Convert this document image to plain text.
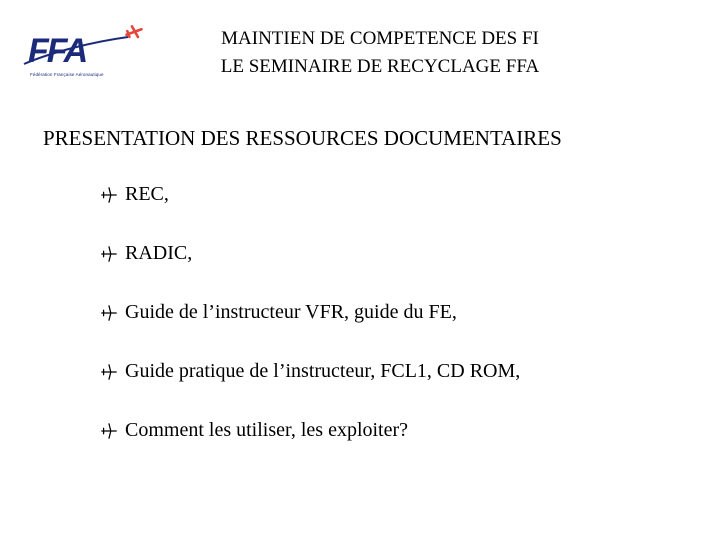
FFA
Fédération Française Aéronautique
MAINTIEN DE COMPETENCE DES FI
LE SEMINAIRE DE RECYCLAGE FFA
PRESENTATION DES RESSOURCES DOCUMENTAIRES
REC,
RADIC,
Guide de l’instructeur VFR, guide du FE,
Guide pratique de l’instructeur, FCL1, CD ROM,
Comment les utiliser, les exploiter?
